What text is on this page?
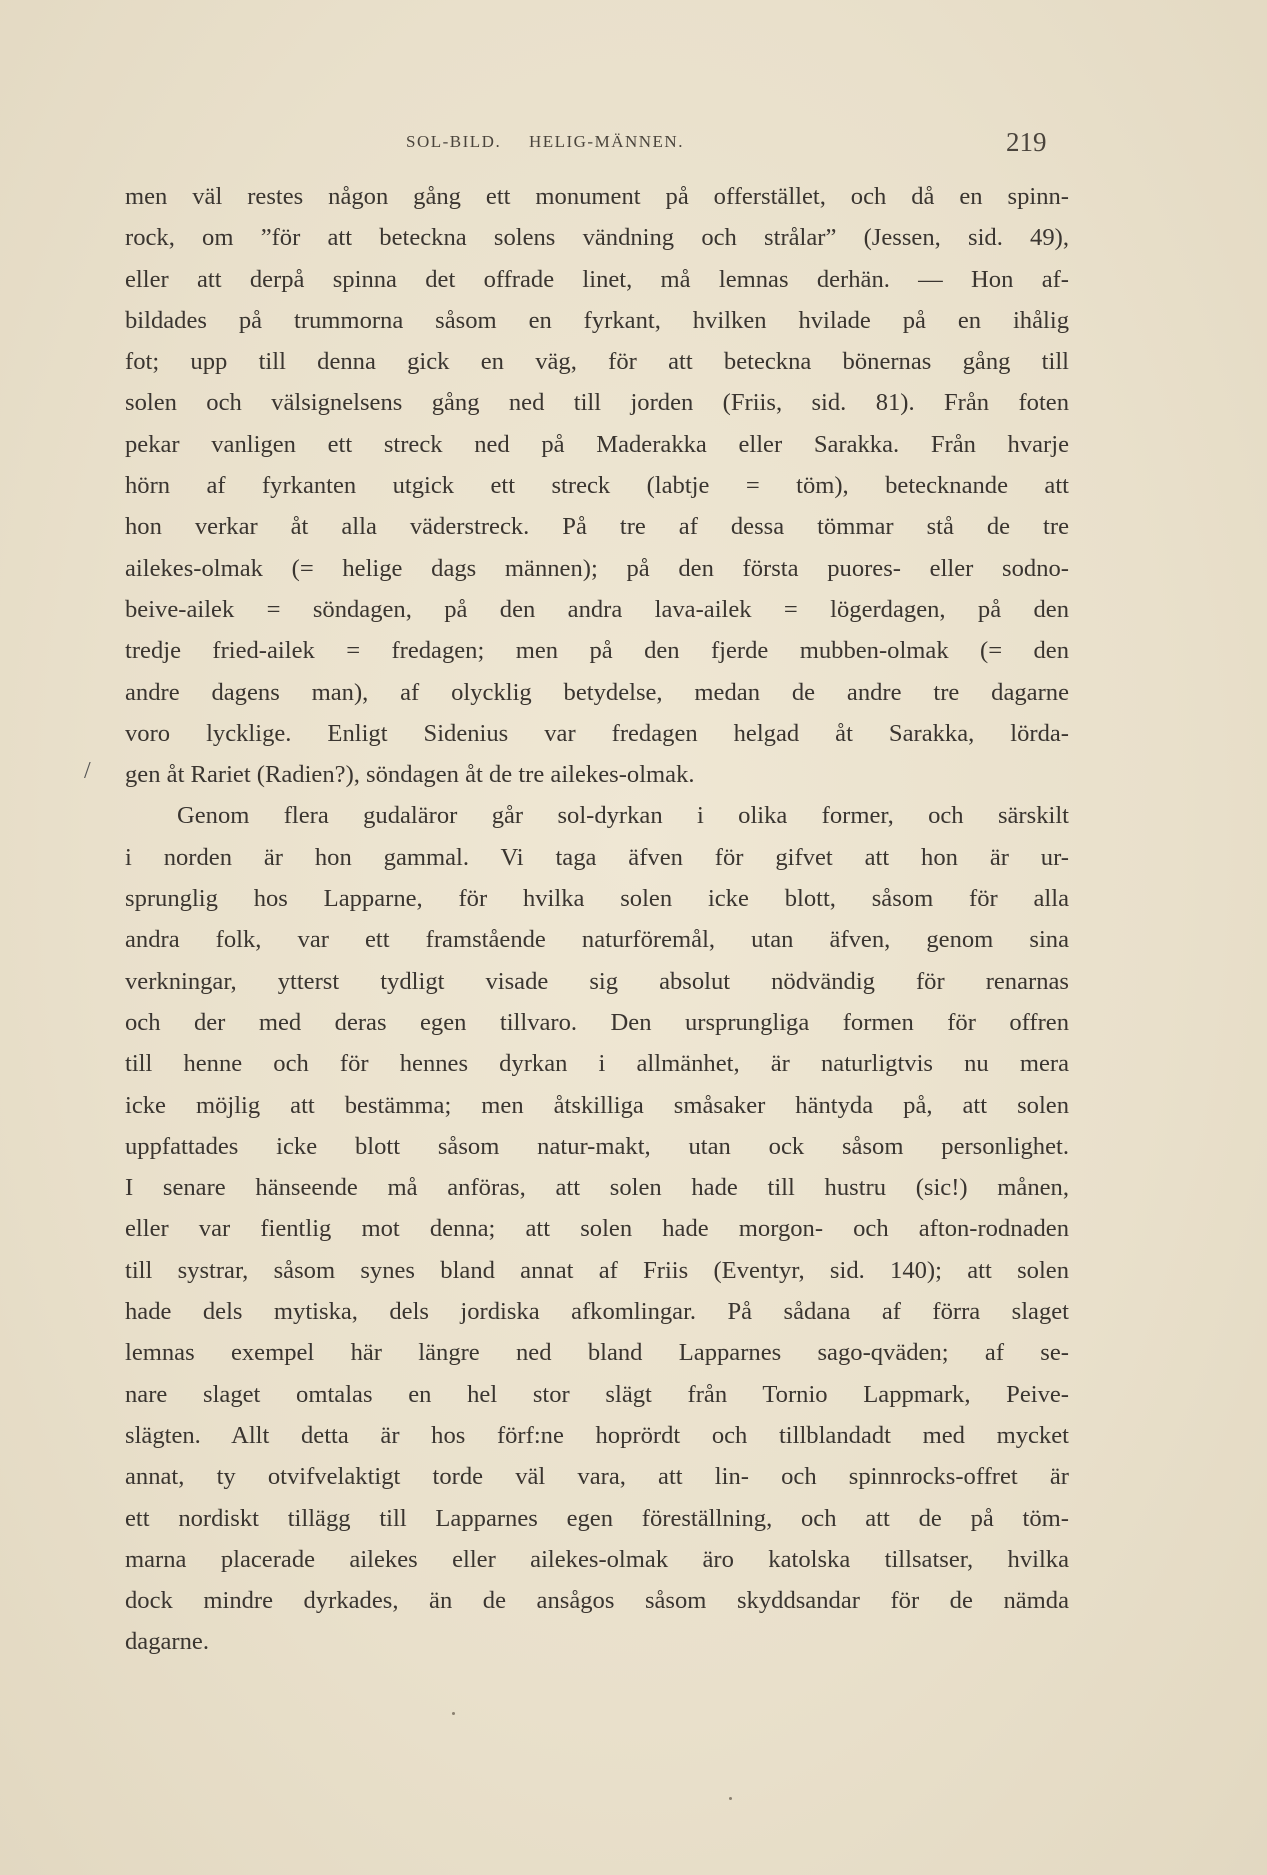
SOL-BILD. HELIG-MÄNNEN.	219
/
men väl restes någon gång ett monument på offerstället, och då en spinn-
rock, om ”för att beteckna solens vändning och strålar” (Jessen, sid. 49),
eller att derpå spinna det offrade linet, må lemnas derhän. — Hon af-
bildades på trummorna såsom en fyrkant, hvilken hvilade på en ihålig
fot; upp till denna gick en väg, för att beteckna bönernas gång till
solen och välsignelsens gång ned till jorden (Friis, sid. 81). Från foten
pekar vanligen ett streck ned på Maderakka eller Sarakka. Från hvarje
hörn af fyrkanten utgick ett streck (labtje = töm), betecknande att
hon verkar åt alla väderstreck. På tre af dessa tömmar stå de tre
ailekes-olmak (= helige dags männen); på den första puores- eller sodno-
beive-ailek = söndagen, på den andra lava-ailek = lögerdagen, på den
tredje fried-ailek = fredagen; men på den fjerde mubben-olmak (= den
andre dagens man), af olycklig betydelse, medan de andre tre dagarne
voro lycklige. Enligt Sidenius var fredagen helgad åt Sarakka, lörda-
gen åt Rariet (Radien?), söndagen åt de tre ailekes-olmak.
Genom flera gudaläror går sol-dyrkan i olika former, och särskilt
i norden är hon gammal. Vi taga äfven för gifvet att hon är ur-
sprunglig hos Lapparne, för hvilka solen icke blott, såsom för alla
andra folk, var ett framstående naturföremål, utan äfven, genom sina
verkningar, ytterst tydligt visade sig absolut nödvändig för renarnas
och der med deras egen tillvaro. Den ursprungliga formen för offren
till henne och för hennes dyrkan i allmänhet, är naturligtvis nu mera
icke möjlig att bestämma; men åtskilliga småsaker häntyda på, att solen
uppfattades icke blott såsom natur-makt, utan ock såsom personlighet.
I senare hänseende må anföras, att solen hade till hustru (sic!) månen,
eller var fientlig mot denna; att solen hade morgon- och afton-rodnaden
till systrar, såsom synes bland annat af Friis (Eventyr, sid. 140); att solen
hade dels mytiska, dels jordiska afkomlingar. På sådana af förra slaget
lemnas exempel här längre ned bland Lapparnes sago-qväden; af se-
nare slaget omtalas en hel stor slägt från Tornio Lappmark, Peive-
slägten. Allt detta är hos förf:ne hoprördt och tillblandadt med mycket
annat, ty otvifvelaktigt torde väl vara, att lin- och spinnrocks-offret är
ett nordiskt tillägg till Lapparnes egen föreställning, och att de på töm-
marna placerade ailekes eller ailekes-olmak äro katolska tillsatser, hvilka
dock mindre dyrkades, än de ansågos såsom skyddsandar för de nämda
dagarne.
